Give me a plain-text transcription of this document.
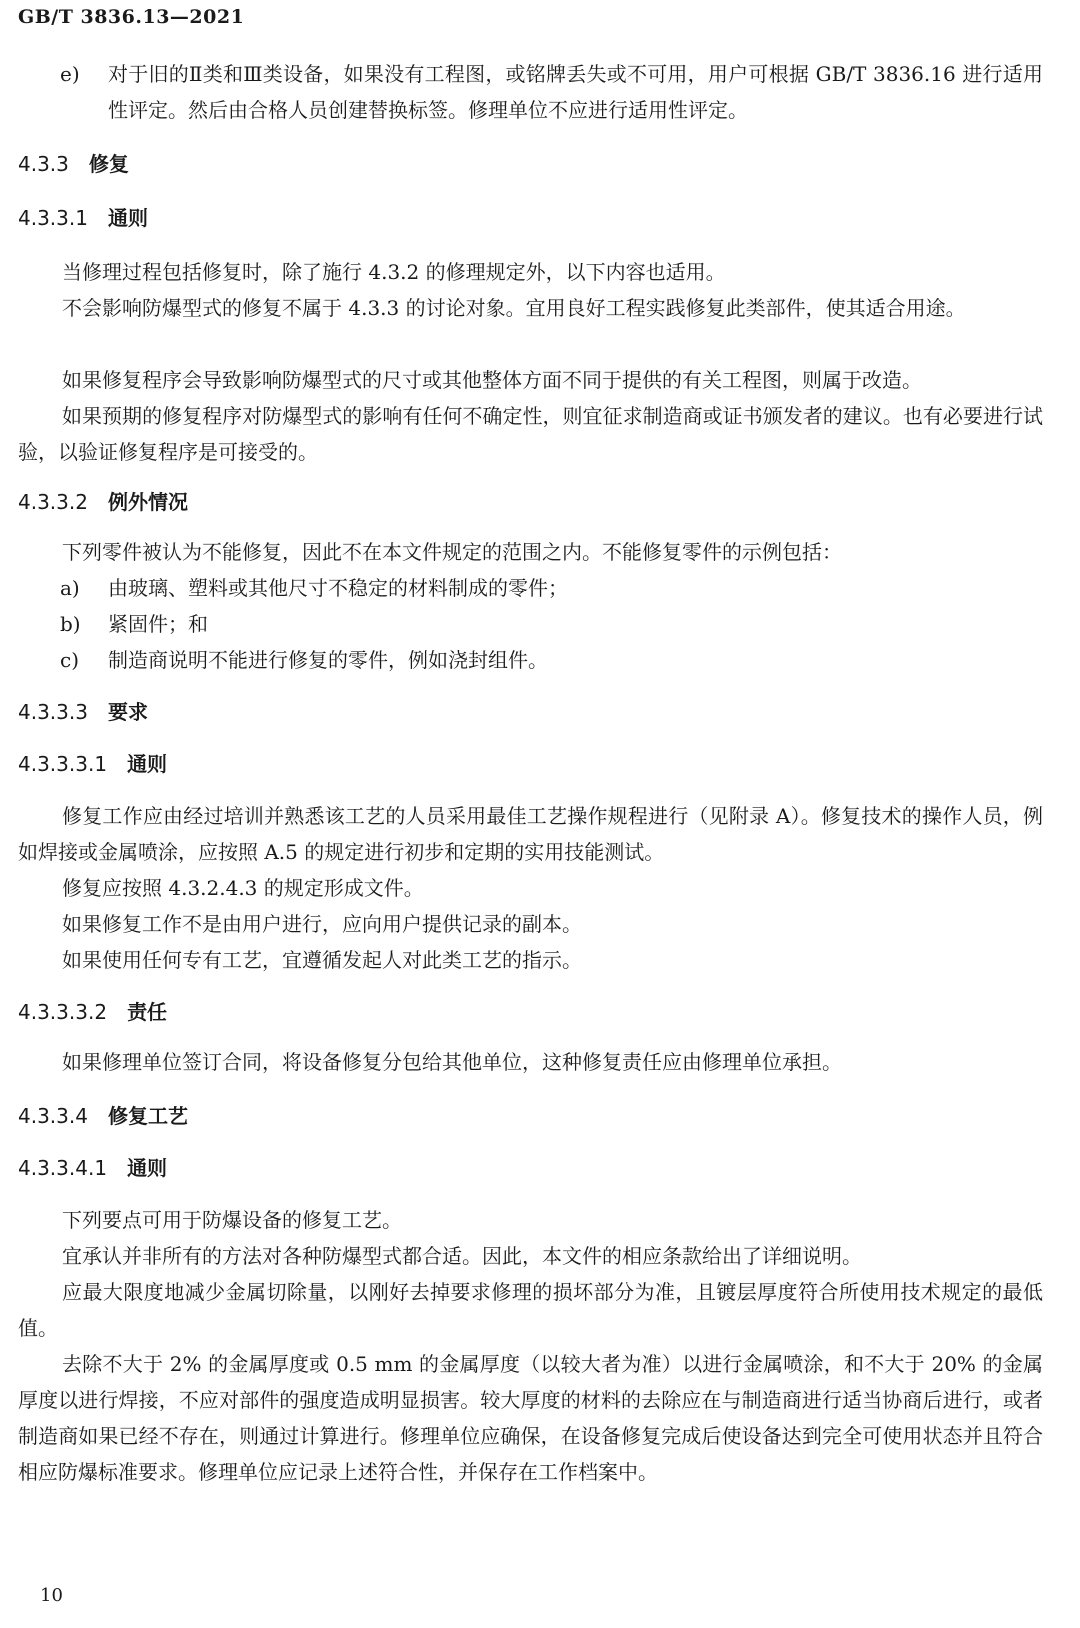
GB/T 3836.13—2021
e) 对于旧的Ⅱ类和Ⅲ类设备，如果没有工程图，或铭牌丢失或不可用，用户可根据 GB/T 3836.16 进行适用性评定。然后由合格人员创建替换标签。修理单位不应进行适用性评定。
4.3.3 修复
4.3.3.1 通则
当修理过程包括修复时，除了施行 4.3.2 的修理规定外，以下内容也适用。
不会影响防爆型式的修复不属于 4.3.3 的讨论对象。宜用良好工程实践修复此类部件，使其适合用途。
如果修复程序会导致影响防爆型式的尺寸或其他整体方面不同于提供的有关工程图，则属于改造。
如果预期的修复程序对防爆型式的影响有任何不确定性，则宜征求制造商或证书颁发者的建议。也有必要进行试验，以验证修复程序是可接受的。
4.3.3.2 例外情况
下列零件被认为不能修复，因此不在本文件规定的范围之内。不能修复零件的示例包括：
a) 由玻璃、塑料或其他尺寸不稳定的材料制成的零件；
b) 紧固件；和
c) 制造商说明不能进行修复的零件，例如浇封组件。
4.3.3.3 要求
4.3.3.3.1 通则
修复工作应由经过培训并熟悉该工艺的人员采用最佳工艺操作规程进行（见附录 A）。修复技术的操作人员，例如焊接或金属喷涂，应按照 A.5 的规定进行初步和定期的实用技能测试。
修复应按照 4.3.2.4.3 的规定形成文件。
如果修复工作不是由用户进行，应向用户提供记录的副本。
如果使用任何专有工艺，宜遵循发起人对此类工艺的指示。
4.3.3.3.2 责任
如果修理单位签订合同，将设备修复分包给其他单位，这种修复责任应由修理单位承担。
4.3.3.4 修复工艺
4.3.3.4.1 通则
下列要点可用于防爆设备的修复工艺。
宜承认并非所有的方法对各种防爆型式都合适。因此，本文件的相应条款给出了详细说明。
应最大限度地减少金属切除量，以刚好去掉要求修理的损坏部分为准，且镀层厚度符合所使用技术规定的最低值。
去除不大于 2% 的金属厚度或 0.5 mm 的金属厚度（以较大者为准）以进行金属喷涂，和不大于 20% 的金属厚度以进行焊接，不应对部件的强度造成明显损害。较大厚度的材料的去除应在与制造商进行适当协商后进行，或者制造商如果已经不存在，则通过计算进行。修理单位应确保，在设备修复完成后使设备达到完全可使用状态并且符合相应防爆标准要求。修理单位应记录上述符合性，并保存在工作档案中。
10
